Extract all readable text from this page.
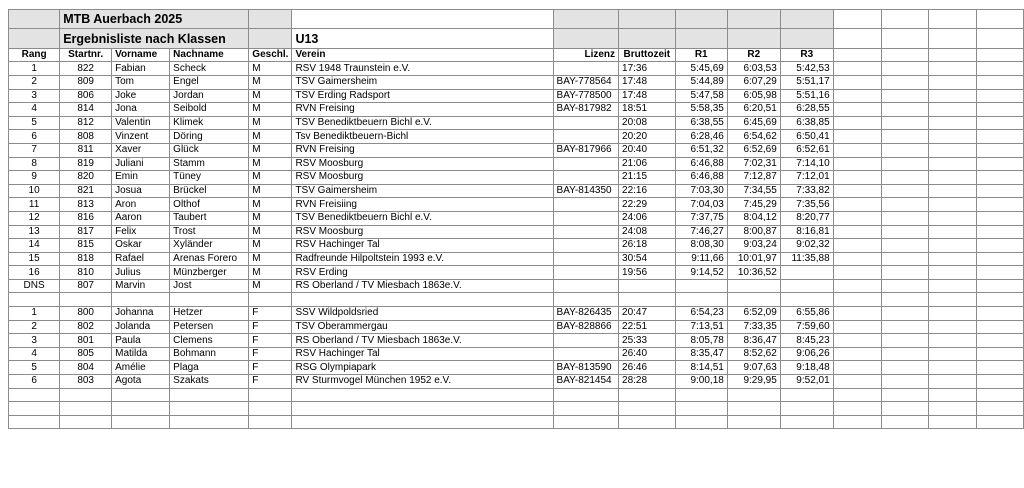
	MTB Auerbach 2025													
	Ergebnisliste nach Klassen				U13									
Rang	Startnr.	Vorname	Nachname	Geschl.	Verein	Lizenz	Bruttozeit	R1	R2	R3				
1	822	Fabian	Scheck	M	RSV 1948 Traunstein e.V.		17:36	5:45,69	6:03,53	5:42,53				
2	809	Tom	Engel	M	TSV Gaimersheim	BAY-778564	17:48	5:44,89	6:07,29	5:51,17				
3	806	Joke	Jordan	M	TSV Erding Radsport	BAY-778500	17:48	5:47,58	6:05,98	5:51,16				
4	814	Jona	Seibold	M	RVN Freising	BAY-817982	18:51	5:58,35	6:20,51	6:28,55				
5	812	Valentin	Klimek	M	TSV Benediktbeuern Bichl e.V.		20:08	6:38,55	6:45,69	6:38,85				
6	808	Vinzent	Döring	M	Tsv Benediktbeuern-Bichl		20:20	6:28,46	6:54,62	6:50,41				
7	811	Xaver	Glück	M	RVN Freising	BAY-817966	20:40	6:51,32	6:52,69	6:52,61				
8	819	Juliani	Stamm	M	RSV Moosburg		21:06	6:46,88	7:02,31	7:14,10				
9	820	Emin	Tüney	M	RSV Moosburg		21:15	6:46,88	7:12,87	7:12,01				
10	821	Josua	Brückel	M	TSV Gaimersheim	BAY-814350	22:16	7:03,30	7:34,55	7:33,82				
11	813	Aron	Olthof	M	RVN Freisiing		22:29	7:04,03	7:45,29	7:35,56				
12	816	Aaron	Taubert	M	TSV Benediktbeuern Bichl e.V.		24:06	7:37,75	8:04,12	8:20,77				
13	817	Felix	Trost	M	RSV Moosburg		24:08	7:46,27	8:00,87	8:16,81				
14	815	Oskar	Xyländer	M	RSV Hachinger Tal		26:18	8:08,30	9:03,24	9:02,32				
15	818	Rafael	Arenas Forero	M	Radfreunde Hilpoltstein 1993 e.V.		30:54	9:11,66	10:01,97	11:35,88				
16	810	Julius	Münzberger	M	RSV Erding		19:56	9:14,52	10:36,52					
DNS	807	Marvin	Jost	M	RS Oberland / TV Miesbach 1863e.V.									

1	800	Johanna	Hetzer	F	SSV Wildpoldsried	BAY-826435	20:47	6:54,23	6:52,09	6:55,86				
2	802	Jolanda	Petersen	F	TSV Oberammergau	BAY-828866	22:51	7:13,51	7:33,35	7:59,60				
3	801	Paula	Clemens	F	RS Oberland / TV Miesbach 1863e.V.		25:33	8:05,78	8:36,47	8:45,23				
4	805	Matilda	Bohmann	F	RSV Hachinger Tal		26:40	8:35,47	8:52,62	9:06,26				
5	804	Amélie	Plaga	F	RSG Olympiapark	BAY-813590	26:46	8:14,51	9:07,63	9:18,48				
6	803	Agota	Szakats	F	RV Sturmvogel München 1952 e.V.	BAY-821454	28:28	9:00,18	9:29,95	9:52,01				
